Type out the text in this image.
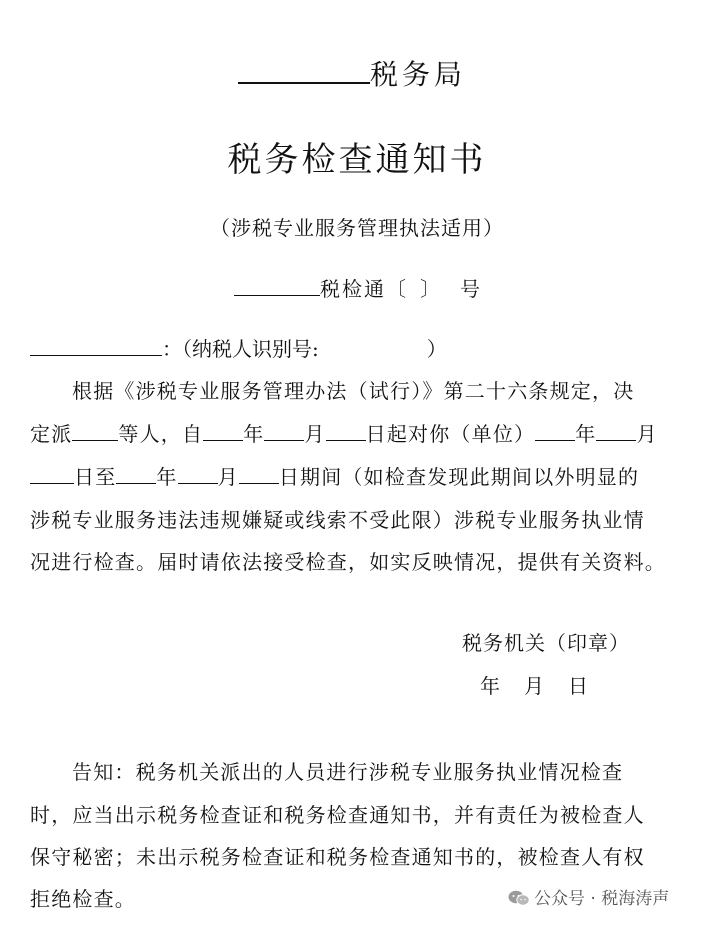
税务局
税务检查通知书
（涉税专业服务管理执法适用）
税检通〔 〕 号
：（纳税人识别号:	）
根据《涉税专业服务管理办法（试行）》第二十六条规定，决
定派 等人，自 年 月 日起对你（单位） 年 月
日至 年 月 日期间（如检查发现此期间以外明显的
涉税专业服务违法违规嫌疑或线索不受此限）涉税专业服务执业情
况进行检查。届时请依法接受检查，如实反映情况，提供有关资料。
税务机关（印章）
年 月 日
告知：税务机关派出的人员进行涉税专业服务执业情况检查
时，应当出示税务检查证和税务检查通知书，并有责任为被检查人
保守秘密；未出示税务检查证和税务检查通知书的，被检查人有权
拒绝检查。	公众号 · 税海涛声
